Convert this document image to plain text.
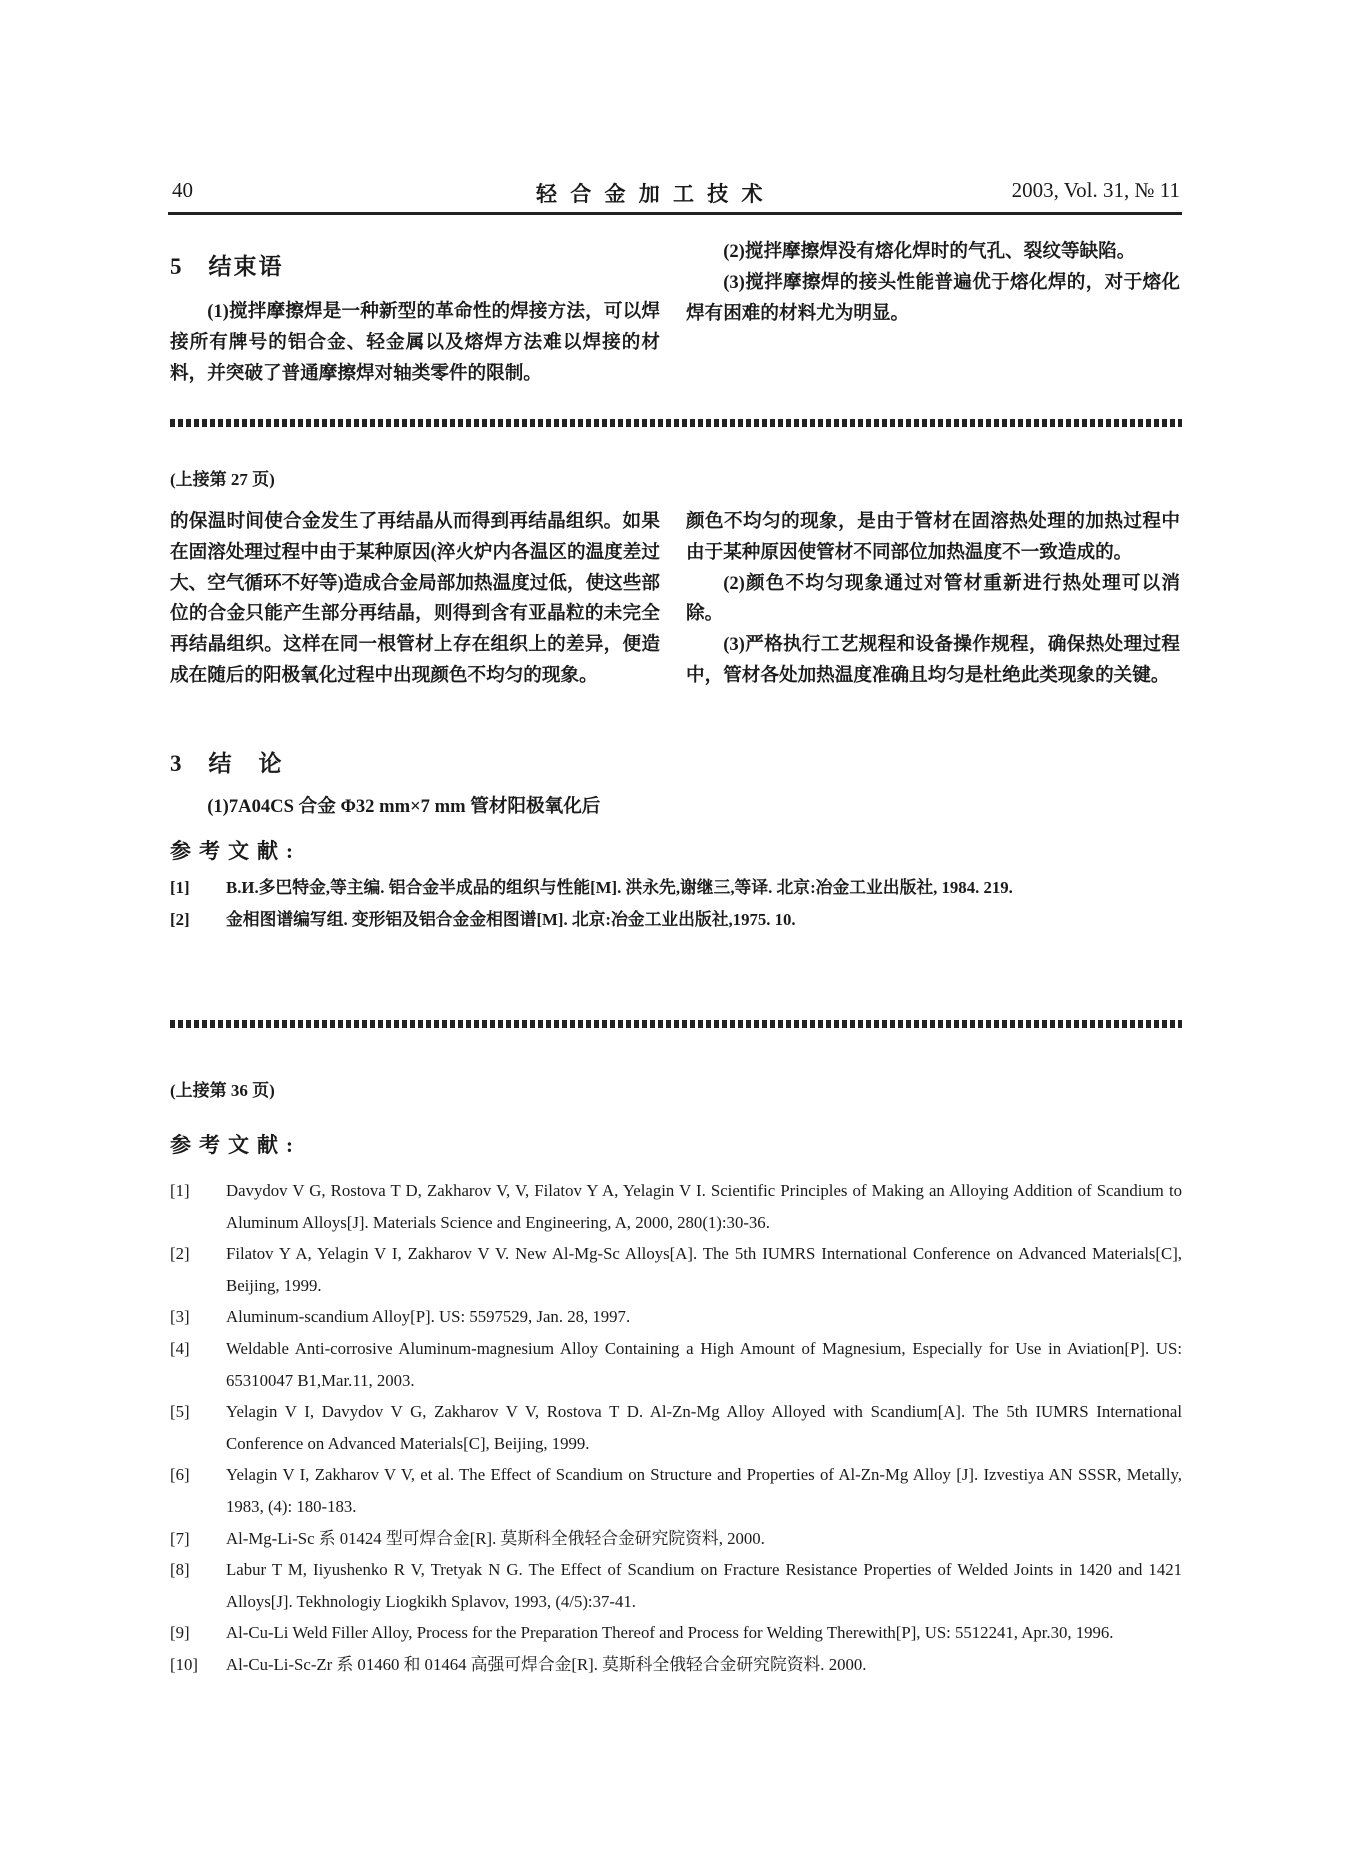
40	轻 合 金 加 工 技 术	2003, Vol. 31, № 11
5　结束语

(1)搅拌摩擦焊是一种新型的革命性的焊接方法，可以焊接所有牌号的铝合金、轻金属以及熔焊方法难以焊接的材料，并突破了普通摩擦焊对轴类零件的限制。

(2)搅拌摩擦焊没有熔化焊时的气孔、裂纹等缺陷。

(3)搅拌摩擦焊的接头性能普遍优于熔化焊的，对于熔化焊有困难的材料尤为明显。

(上接第 27 页)

的保温时间使合金发生了再结晶从而得到再结晶组织。如果在固溶处理过程中由于某种原因(淬火炉内各温区的温度差过大、空气循环不好等)造成合金局部加热温度过低，使这些部位的合金只能产生部分再结晶，则得到含有亚晶粒的未完全再结晶组织。这样在同一根管材上存在组织上的差异，便造成在随后的阳极氧化过程中出现颜色不均匀的现象。

3　结　论

(1)7A04CS 合金 Φ32 mm×7 mm 管材阳极氧化后

颜色不均匀的现象，是由于管材在固溶热处理的加热过程中由于某种原因使管材不同部位加热温度不一致造成的。

(2)颜色不均匀现象通过对管材重新进行热处理可以消除。

(3)严格执行工艺规程和设备操作规程，确保热处理过程中，管材各处加热温度准确且均匀是杜绝此类现象的关键。

参考文献:
[1] B.И.多巴特金,等主编. 铝合金半成品的组织与性能[M]. 洪永先,谢继三,等译. 北京:冶金工业出版社, 1984. 219.
[2] 金相图谱编写组. 变形铝及铝合金金相图谱[M]. 北京:冶金工业出版社,1975. 10.
(上接第 36 页)
参考文献:
[1] Davydov V G, Rostova T D, Zakharov V, V, Filatov Y A, Yelagin V I. Scientific Principles of Making an Alloying Addition of Scandium to Aluminum Alloys[J]. Materials Science and Engineering, A, 2000, 280(1):30-36.
[2] Filatov Y A, Yelagin V I, Zakharov V V. New Al-Mg-Sc Alloys[A]. The 5th IUMRS International Conference on Advanced Materials[C], Beijing, 1999.
[3] Aluminum-scandium Alloy[P]. US: 5597529, Jan. 28, 1997.
[4] Weldable Anti-corrosive Aluminum-magnesium Alloy Containing a High Amount of Magnesium, Especially for Use in Aviation[P]. US: 65310047 B1,Mar.11, 2003.
[5] Yelagin V I, Davydov V G, Zakharov V V, Rostova T D. Al-Zn-Mg Alloy Alloyed with Scandium[A]. The 5th IUMRS International Conference on Advanced Materials[C], Beijing, 1999.
[6] Yelagin V I, Zakharov V V, et al. The Effect of Scandium on Structure and Properties of Al-Zn-Mg Alloy [J]. Izvestiya AN SSSR, Metally, 1983, (4): 180-183.
[7] Al-Mg-Li-Sc 系 01424 型可焊合金[R]. 莫斯科全俄轻合金研究院资料, 2000.
[8] Labur T M, Iiyushenko R V, Tretyak N G. The Effect of Scandium on Fracture Resistance Properties of Welded Joints in 1420 and 1421 Alloys[J]. Tekhnologiy Liogkikh Splavov, 1993, (4/5):37-41.
[9] Al-Cu-Li Weld Filler Alloy, Process for the Preparation Thereof and Process for Welding Therewith[P], US: 5512241, Apr.30, 1996.
[10] Al-Cu-Li-Sc-Zr 系 01460 和 01464 高强可焊合金[R]. 莫斯科全俄轻合金研究院资料. 2000.
